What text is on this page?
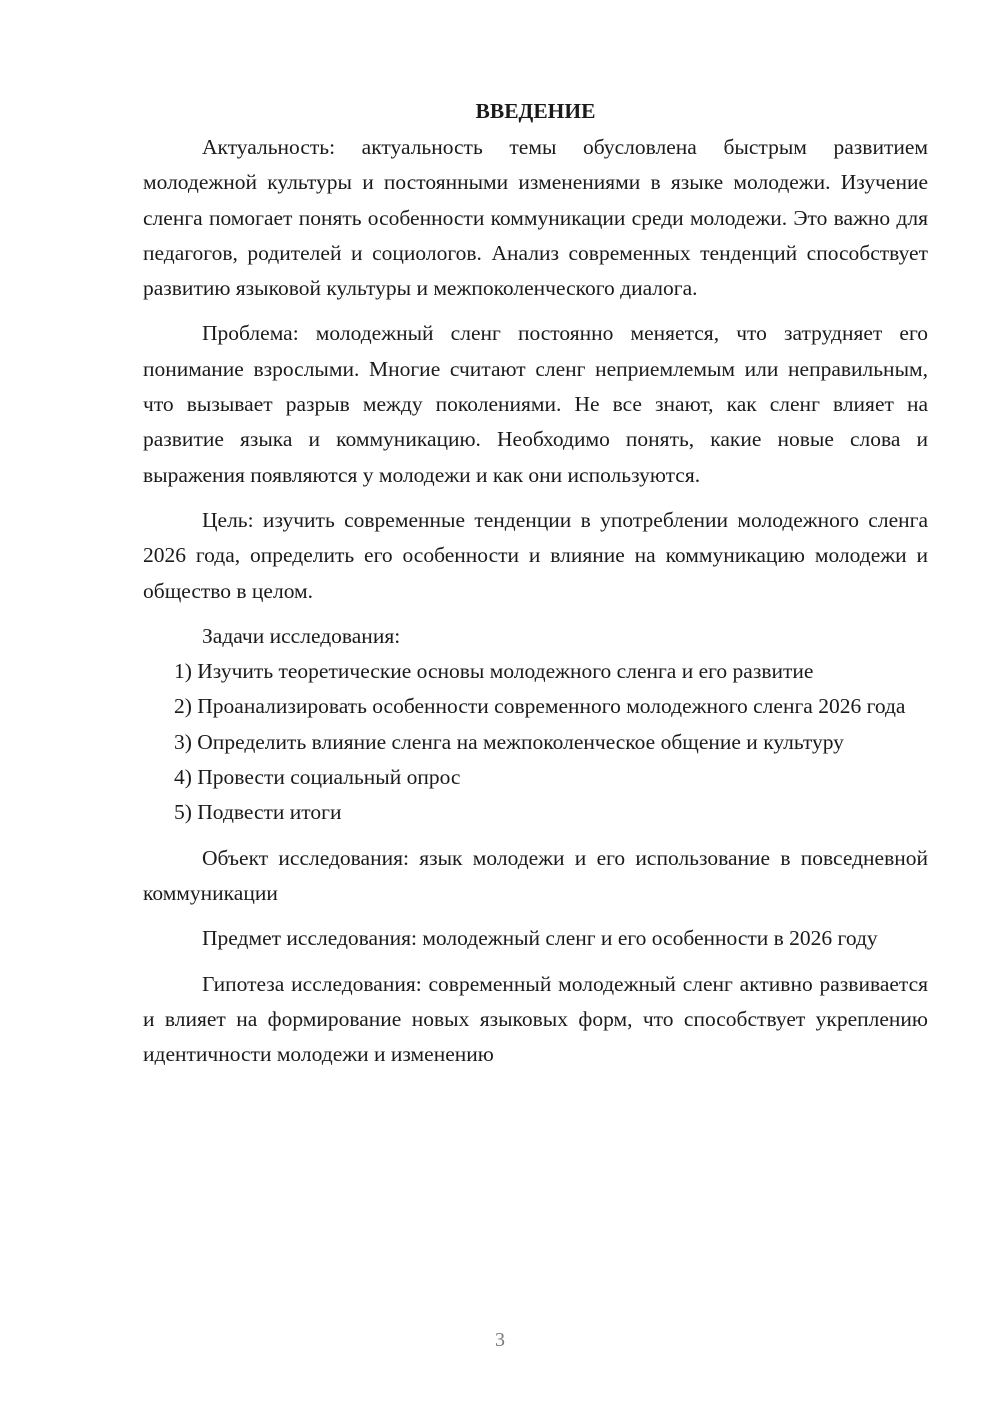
ВВЕДЕНИЕ

Актуальность: актуальность темы обусловлена быстрым развитием молодежной культуры и постоянными изменениями в языке молодежи. Изучение сленга помогает понять особенности коммуникации среди молодежи. Это важно для педагогов, родителей и социологов. Анализ современных тенденций способствует развитию языковой культуры и межпоколенческого диалога.

Проблема: молодежный сленг постоянно меняется, что затрудняет его понимание взрослыми. Многие считают сленг неприемлемым или неправильным, что вызывает разрыв между поколениями. Не все знают, как сленг влияет на развитие языка и коммуникацию. Необходимо понять, какие новые слова и выражения появляются у молодежи и как они используются.

Цель: изучить современные тенденции в употреблении молодежного сленга 2026 года, определить его особенности и влияние на коммуникацию молодежи и общество в целом.

Задачи исследования:

1) Изучить теоретические основы молодежного сленга и его развитие

2) Проанализировать особенности современного молодежного сленга 2026 года

3) Определить влияние сленга на межпоколенческое общение и культуру

4) Провести социальный опрос

5) Подвести итоги

Объект исследования: язык молодежи и его использование в повседневной коммуникации

Предмет исследования: молодежный сленг и его особенности в 2026 году

Гипотеза исследования: современный молодежный сленг активно развивается и влияет на формирование новых языковых форм, что способствует укреплению идентичности молодежи и изменению

3
